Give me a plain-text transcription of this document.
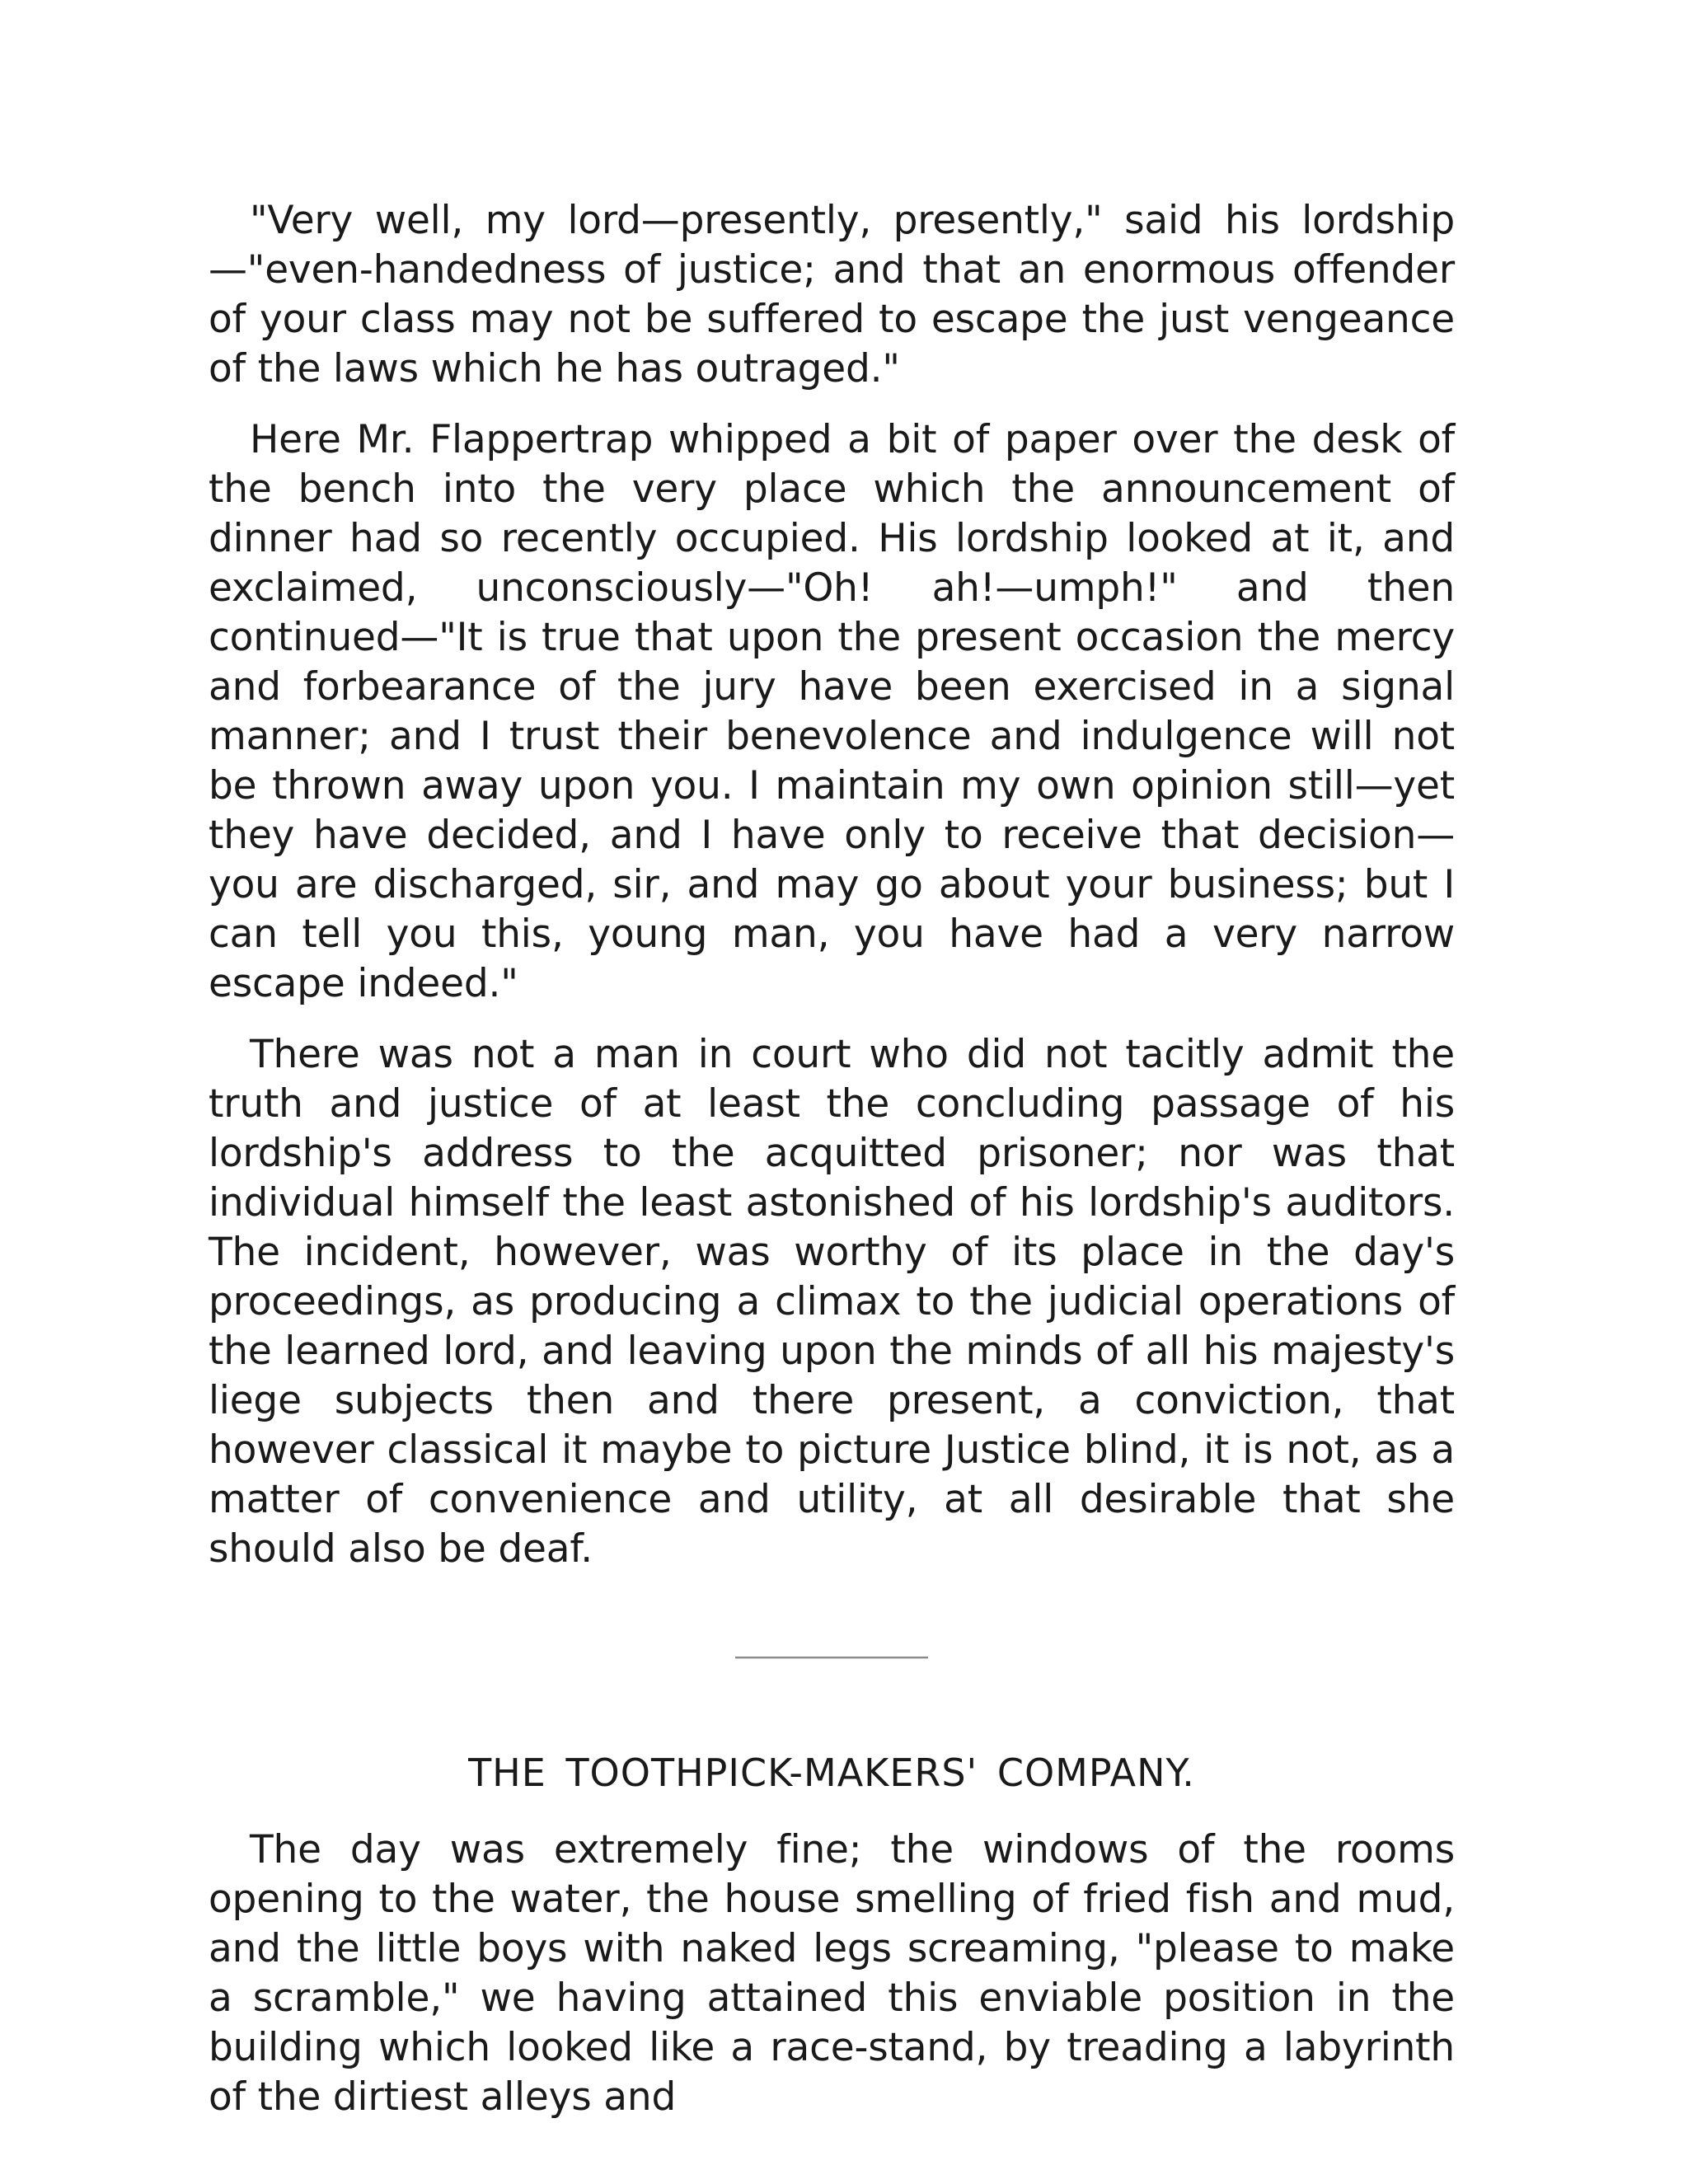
"Very well, my lord—presently, presently," said his lordship —"even-handedness of justice; and that an enormous offender of your class may not be suffered to escape the just vengeance of the laws which he has outraged."

Here Mr. Flappertrap whipped a bit of paper over the desk of the bench into the very place which the announcement of dinner had so recently occupied. His lordship looked at it, and exclaimed, unconsciously—"Oh! ah!—umph!" and then continued—"It is true that upon the present occasion the mercy and forbearance of the jury have been exercised in a signal manner; and I trust their benevolence and indulgence will not be thrown away upon you. I maintain my own opinion still—yet they have decided, and I have only to receive that decision—you are discharged, sir, and may go about your business; but I can tell you this, young man, you have had a very narrow escape indeed."

There was not a man in court who did not tacitly admit the truth and justice of at least the concluding passage of his lordship's address to the acquitted prisoner; nor was that individual himself the least astonished of his lordship's auditors. The incident, however, was worthy of its place in the day's proceedings, as producing a climax to the judicial operations of the learned lord, and leaving upon the minds of all his majesty's liege subjects then and there present, a conviction, that however classical it maybe to picture Justice blind, it is not, as a matter of convenience and utility, at all desirable that she should also be deaf.

THE TOOTHPICK-MAKERS' COMPANY.

The day was extremely fine; the windows of the rooms opening to the water, the house smelling of fried fish and mud, and the little boys with naked legs screaming, "please to make a scramble," we having attained this enviable position in the building which looked like a race-stand, by treading a labyrinth of the dirtiest alleys and
